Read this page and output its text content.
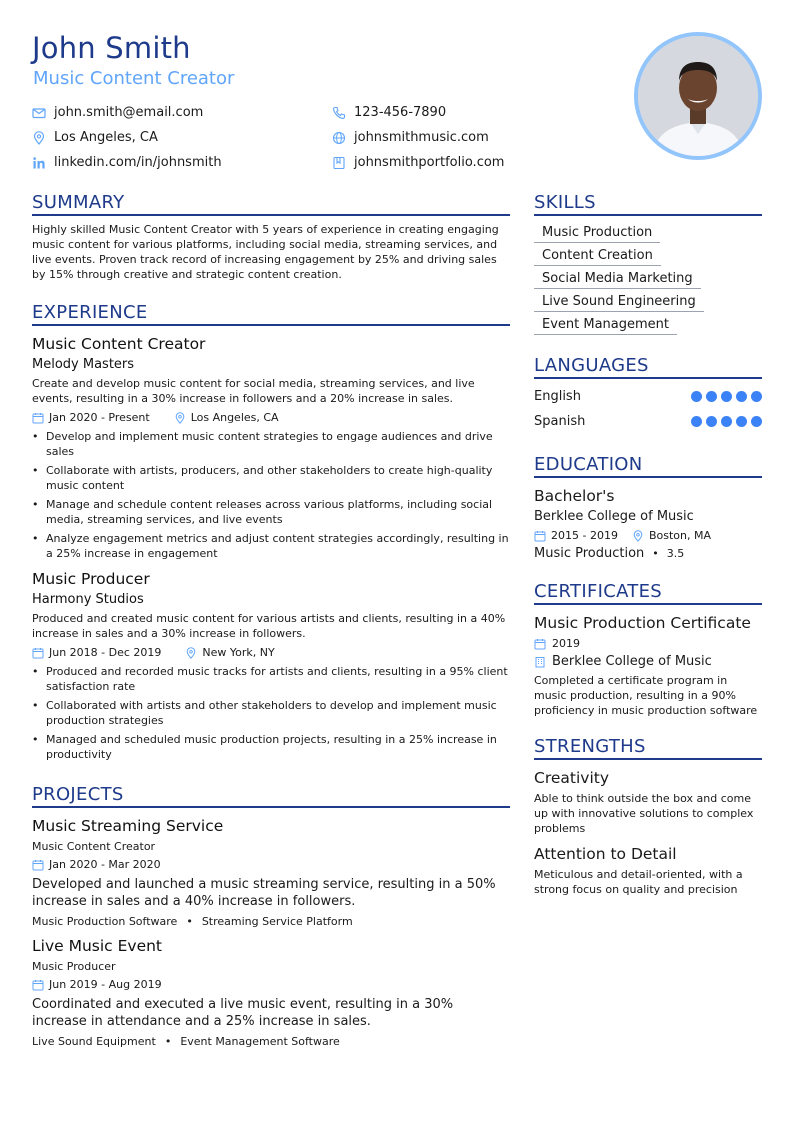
John Smith
Music Content Creator
john.smith@email.com	123-456-7890
Los Angeles, CA	johnsmithmusic.com
linkedin.com/in/johnsmith	johnsmithportfolio.com
SUMMARY
Highly skilled Music Content Creator with 5 years of experience in creating engaging music content for various platforms, including social media, streaming services, and live events. Proven track record of increasing engagement by 25% and driving sales by 15% through creative and strategic content creation.
EXPERIENCE
Music Content Creator
Melody Masters
Create and develop music content for social media, streaming services, and live events, resulting in a 30% increase in followers and a 20% increase in sales.
Jan 2020 - Present	Los Angeles, CA
• Develop and implement music content strategies to engage audiences and drive sales
• Collaborate with artists, producers, and other stakeholders to create high-quality music content
• Manage and schedule content releases across various platforms, including social media, streaming services, and live events
• Analyze engagement metrics and adjust content strategies accordingly, resulting in a 25% increase in engagement
Music Producer
Harmony Studios
Produced and created music content for various artists and clients, resulting in a 40% increase in sales and a 30% increase in followers.
Jun 2018 - Dec 2019	New York, NY
• Produced and recorded music tracks for artists and clients, resulting in a 95% client satisfaction rate
• Collaborated with artists and other stakeholders to develop and implement music production strategies
• Managed and scheduled music production projects, resulting in a 25% increase in productivity
PROJECTS
Music Streaming Service
Music Content Creator
Jan 2020 - Mar 2020
Developed and launched a music streaming service, resulting in a 50% increase in sales and a 40% increase in followers.
Music Production Software • Streaming Service Platform
Live Music Event
Music Producer
Jun 2019 - Aug 2019
Coordinated and executed a live music event, resulting in a 30% increase in attendance and a 25% increase in sales.
Live Sound Equipment • Event Management Software
SKILLS
Music Production
Content Creation
Social Media Marketing
Live Sound Engineering
Event Management
LANGUAGES
English
Spanish
EDUCATION
Bachelor's
Berklee College of Music
2015 - 2019	Boston, MA
Music Production • 3.5
CERTIFICATES
Music Production Certificate
2019
Berklee College of Music
Completed a certificate program in music production, resulting in a 90% proficiency in music production software
STRENGTHS
Creativity
Able to think outside the box and come up with innovative solutions to complex problems
Attention to Detail
Meticulous and detail-oriented, with a strong focus on quality and precision
